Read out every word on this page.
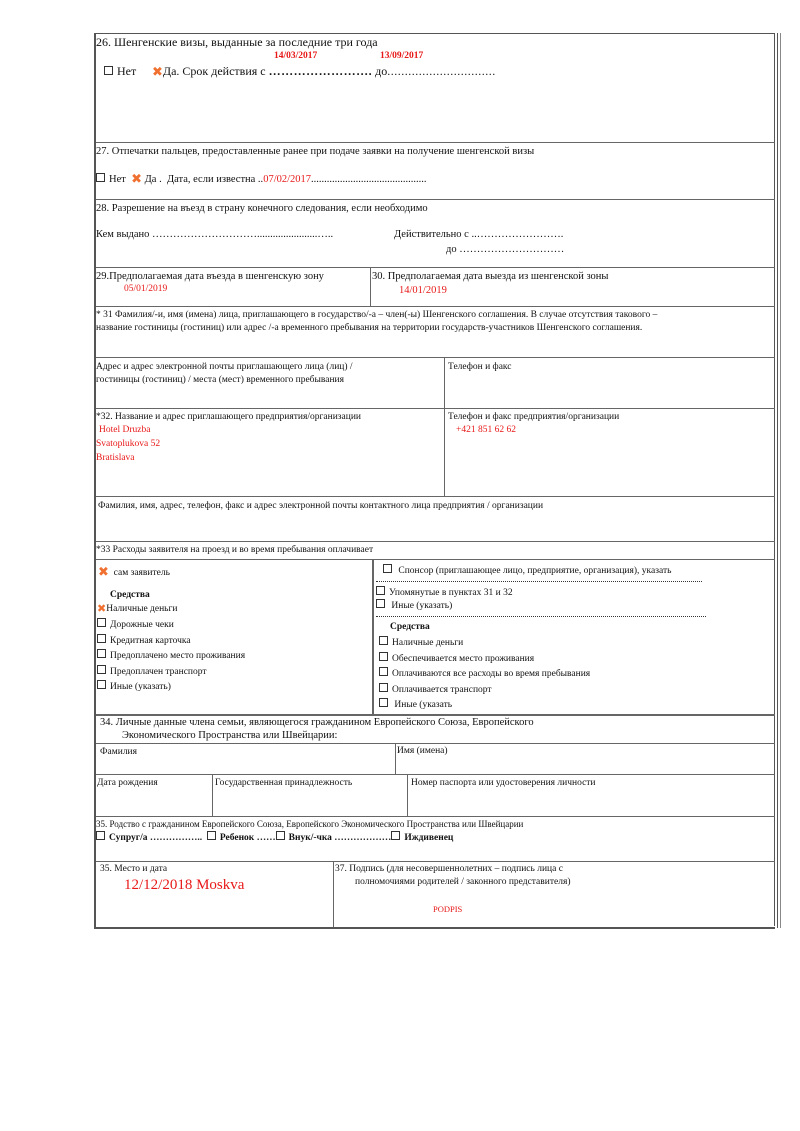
26. Шенгенские визы, выданные за последние три года
14/03/2017	13/09/2017
Нет ✖Да. Срок действия с ……………………. до...............................
27. Отпечатки пальцев, предоставленные ранее при подаче заявки на получение шенгенской визы
Нет ✖ Да . Дата, если известна ..07/02/2017............................................
28. Разрешение на въезд в страну конечного следования, если необходимо
Кем выдано ………………………….......................…..	Действительно с ..…………………….
до …………………………
29.Предполагаемая дата въезда в шенгенскую зону
05/01/2019
30. Предполагаемая дата выезда из шенгенской зоны
14/01/2019
* 31 Фамилия/-и, имя (имена) лица, приглашающего в государство/-а – член(-ы) Шенгенского соглашения. В случае отсутствия такового –
название гостиницы (гостиниц) или адрес /-а временного пребывания на территории государств-участников Шенгенского соглашения.
Адрес и адрес электронной почты приглашающего лица (лиц) /
гостиницы (гостиниц) / места (мест) временного пребывания
Телефон и факс
*32. Название и адрес приглашающего предприятия/организации
Hotel Druzba
Svatoplukova 52
Bratislava
Телефон и факс предприятия/организации
+421 851 62 62
Фамилия, имя, адрес, телефон, факс и адрес электронной почты контактного лица предприятия / организации
*33 Расходы заявителя на проезд и во время пребывания оплачивает
✖ сам заявитель
Средства
✖Наличные деньги
Дорожные чеки
Кредитная карточка
Предоплачено место проживания
Предоплачен транспорт
Иные (указать)
Спонсор (приглашающее лицо, предприятие, организация), указать
Упомянутые в пунктах 31 и 32
Иные (указать)
Средства
Наличные деньги
Обеспечивается место проживания
Оплачиваются все расходы во время пребывания
Оплачивается транспорт
Иные (указать
34. Личные данные члена семьи, являющегося гражданином Европейского Союза, Европейского
Экономического Пространства или Швейцарии:
Фамилия	Имя (имена)
Дата рождения	Государственная принадлежность	Номер паспорта или удостоверения личности
35. Родство с гражданином Европейского Союза, Европейского Экономического Пространства или Швейцарии
Супруг/а …………….. Ребенок …… Внук/-чка ……………… Иждивенец
35. Место и дата
12/12/2018 Moskva
37. Подпись (для несовершеннолетних – подпись лица с
полномочиями родителей / законного представителя)
PODPIS
